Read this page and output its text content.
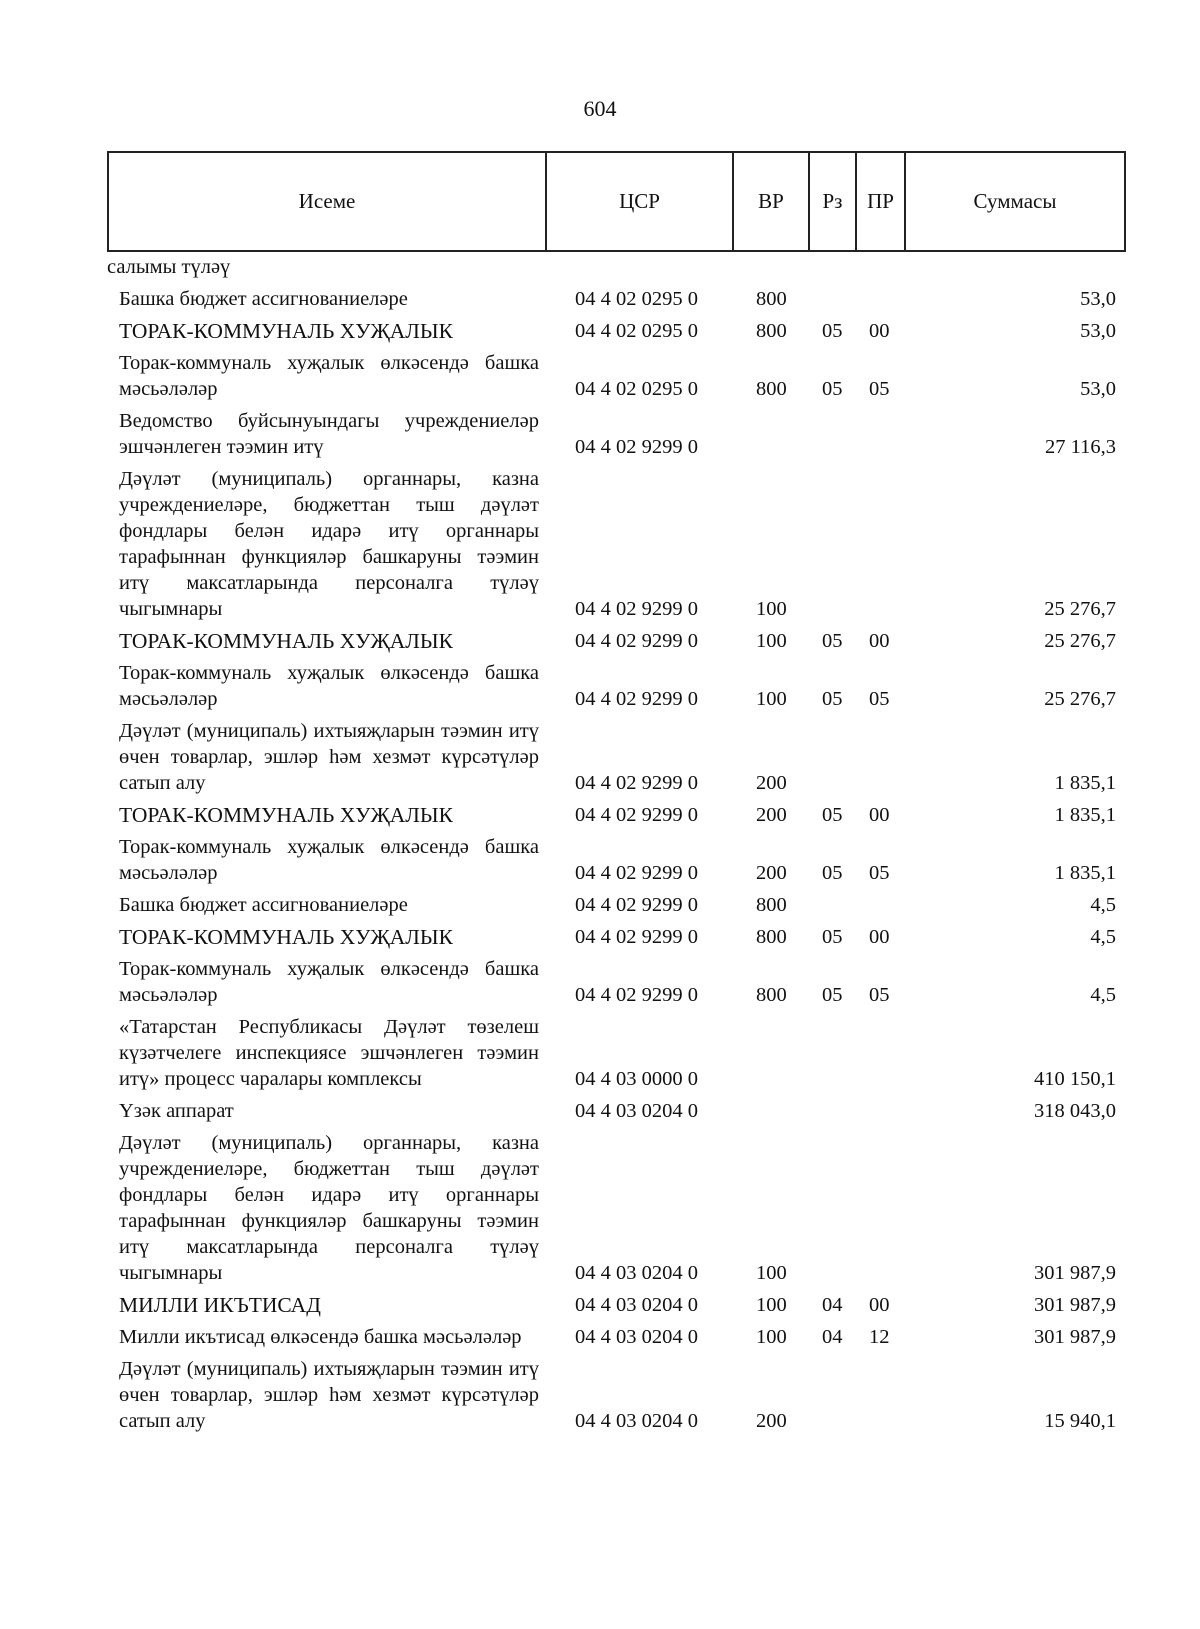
604
Исеме	ЦСР	ВР	Рз	ПР	Суммасы
салымы түләү					
Башка бюджет ассигнованиеләре	04 4 02 0295 0	800			53,0
ТОРАК-КОММУНАЛЬ ХУҖАЛЫК	04 4 02 0295 0	800	05	00	53,0
Торак-коммуналь хуҗалык өлкәсендә башка мәсьәләләр	04 4 02 0295 0	800	05	05	53,0
Ведомство буйсынуындагы учреждениеләр эшчәнлеген тәэмин итү	04 4 02 9299 0				27 116,3
Дәүләт (муниципаль) органнары, казна учреждениеләре, бюджеттан тыш дәүләт фондлары белән идарә итү органнары тарафыннан функцияләр башкаруны тәэмин итү максатларында персоналга түләү чыгымнары	04 4 02 9299 0	100			25 276,7
ТОРАК-КОММУНАЛЬ ХУҖАЛЫК	04 4 02 9299 0	100	05	00	25 276,7
Торак-коммуналь хуҗалык өлкәсендә башка мәсьәләләр	04 4 02 9299 0	100	05	05	25 276,7
Дәүләт (муниципаль) ихтыяҗларын тәэмин итү өчен товарлар, эшләр һәм хезмәт күрсәтүләр сатып алу	04 4 02 9299 0	200			1 835,1
ТОРАК-КОММУНАЛЬ ХУҖАЛЫК	04 4 02 9299 0	200	05	00	1 835,1
Торак-коммуналь хуҗалык өлкәсендә башка мәсьәләләр	04 4 02 9299 0	200	05	05	1 835,1
Башка бюджет ассигнованиеләре	04 4 02 9299 0	800			4,5
ТОРАК-КОММУНАЛЬ ХУҖАЛЫК	04 4 02 9299 0	800	05	00	4,5
Торак-коммуналь хуҗалык өлкәсендә башка мәсьәләләр	04 4 02 9299 0	800	05	05	4,5
«Татарстан Республикасы Дәүләт төзелеш күзәтчелеге инспекциясе эшчәнлеген тәэмин итү» процесс чаралары комплексы	04 4 03 0000 0				410 150,1
Үзәк аппарат	04 4 03 0204 0				318 043,0
Дәүләт (муниципаль) органнары, казна учреждениеләре, бюджеттан тыш дәүләт фондлары белән идарә итү органнары тарафыннан функцияләр башкаруны тәэмин итү максатларында персоналга түләү чыгымнары	04 4 03 0204 0	100			301 987,9
МИЛЛИ ИКЪТИСАД	04 4 03 0204 0	100	04	00	301 987,9
Милли икътисад өлкәсендә башка мәсьәләләр	04 4 03 0204 0	100	04	12	301 987,9
Дәүләт (муниципаль) ихтыяҗларын тәэмин итү өчен товарлар, эшләр һәм хезмәт күрсәтүләр сатып алу	04 4 03 0204 0	200			15 940,1
